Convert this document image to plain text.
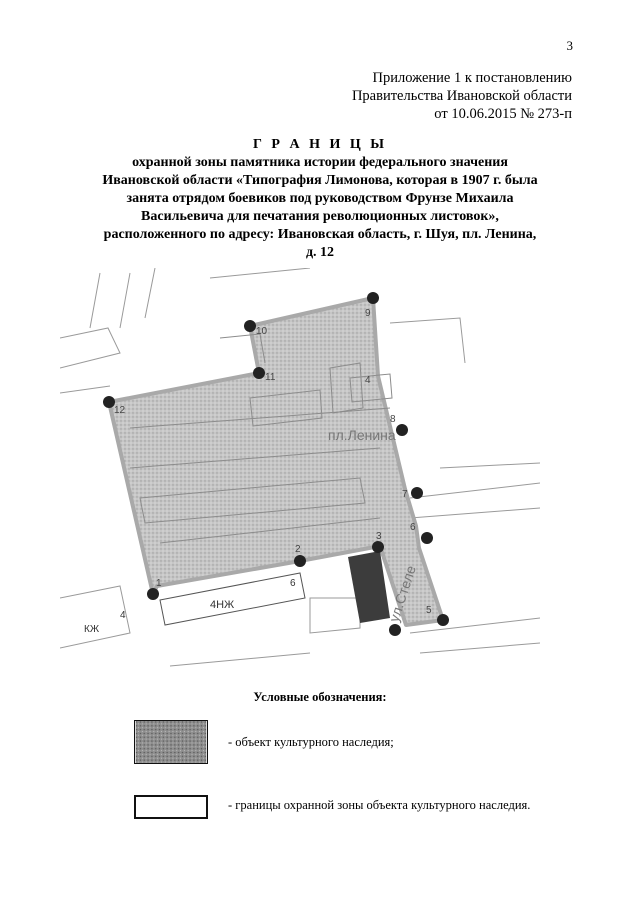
3
Приложение 1 к постановлению
Правительства Ивановской области
от 10.06.2015 № 273-п
Г Р А Н И Ц Ы
охранной зоны памятника истории федерального значения
Ивановской области «Типография Лимонова, которая в 1907 г. была
занята отрядом боевиков под руководством Фрунзе Михаила
Васильевича для печатания революционных листовок»,
расположенного по адресу: Ивановская область, г. Шуя, пл. Ленина,
д. 12
4НЖ
6
4
КЖ
пл.Ленина
ул.Стеле
1
2
3
4
5
6
7
8
9
10
11
12
Условные обозначения:
- объект культурного наследия;
- границы охранной зоны объекта культурного наследия.
